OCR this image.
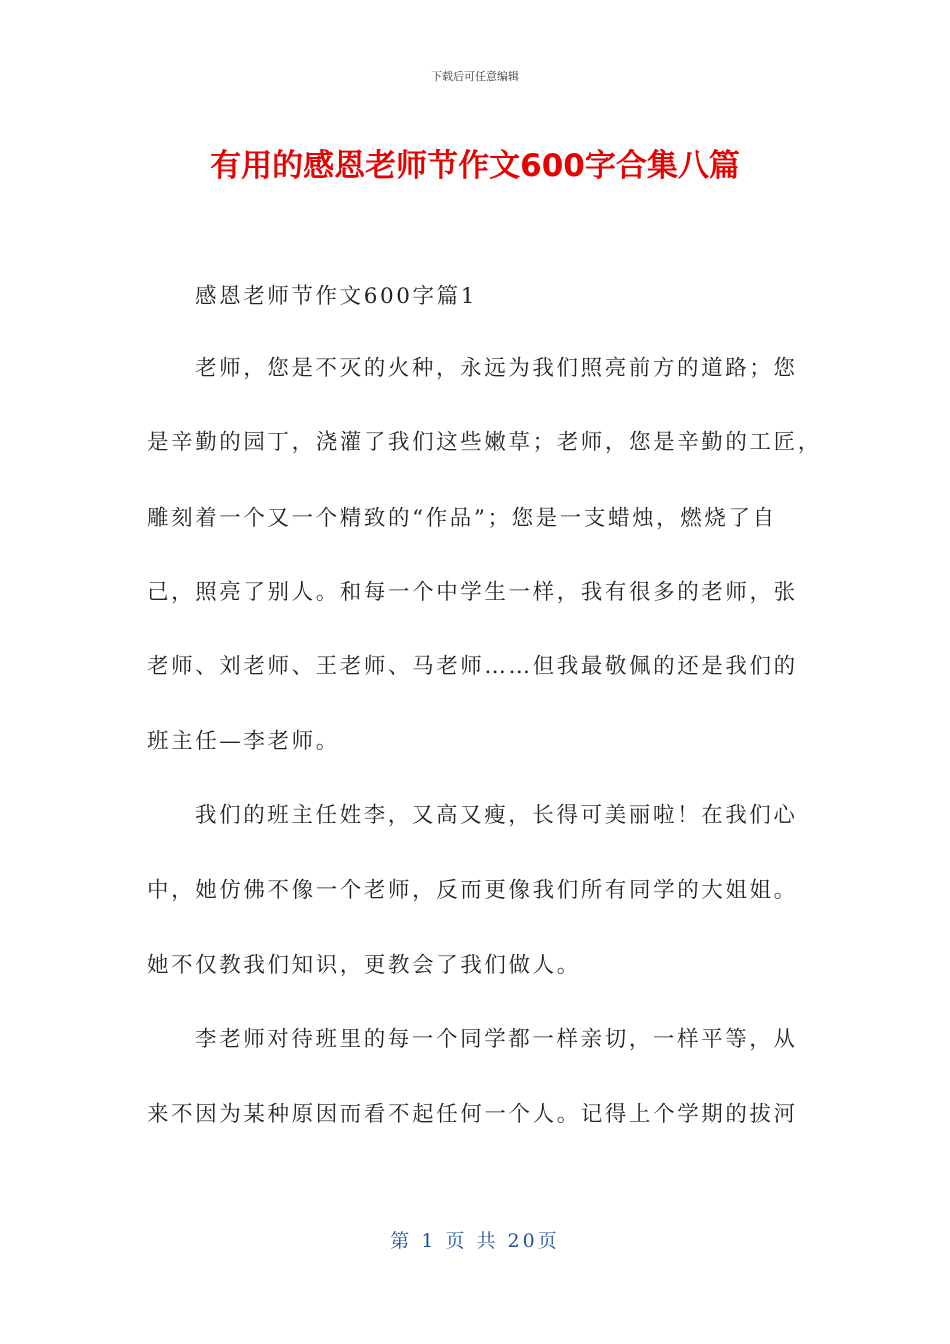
下载后可任意编辑
有用的感恩老师节作文600字合集八篇
感恩老师节作文600字篇1
老师，您是不灭的火种，永远为我们照亮前方的道路；您
是辛勤的园丁，浇灌了我们这些嫩草；老师，您是辛勤的工匠，
雕刻着一个又一个精致的“作品”；您是一支蜡烛，燃烧了自
己，照亮了别人。和每一个中学生一样，我有很多的老师，张
老师、刘老师、王老师、马老师……但我最敬佩的还是我们的
班主任—李老师。
我们的班主任姓李，又高又瘦，长得可美丽啦！在我们心
中，她仿佛不像一个老师，反而更像我们所有同学的大姐姐。
她不仅教我们知识，更教会了我们做人。
李老师对待班里的每一个同学都一样亲切，一样平等，从
来不因为某种原因而看不起任何一个人。记得上个学期的拔河
第 1 页 共 20页
